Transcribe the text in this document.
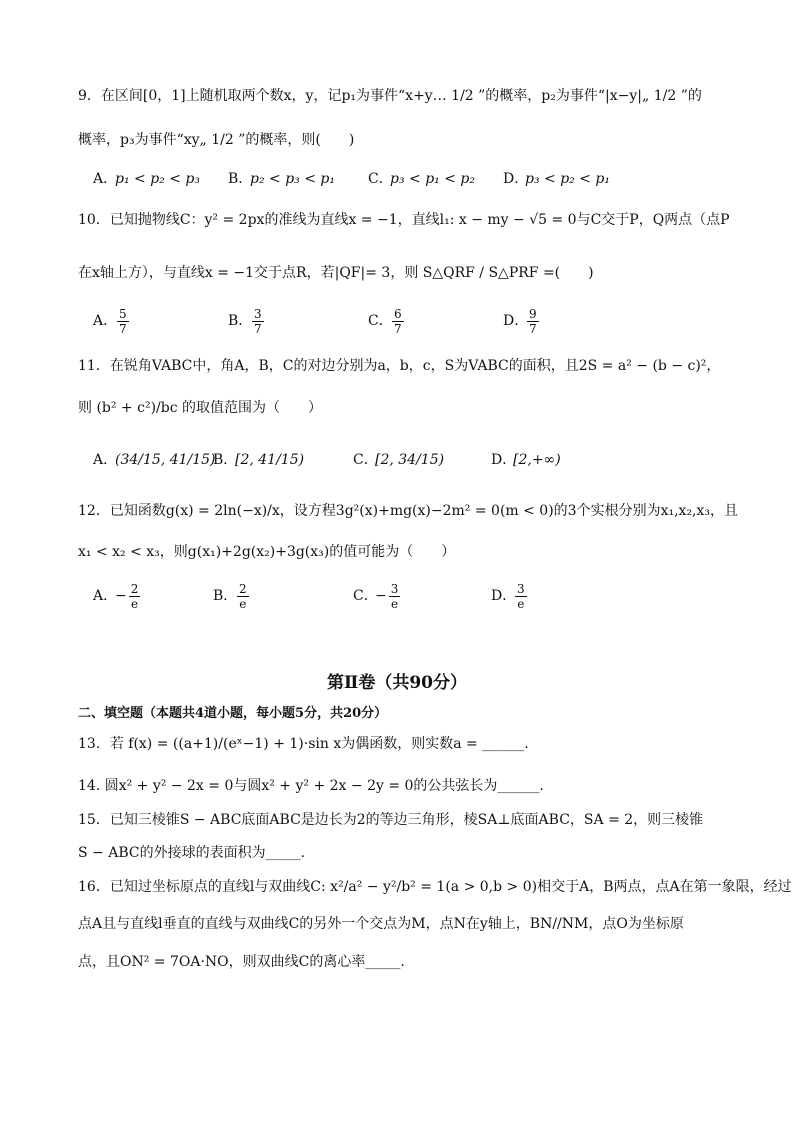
9．在区间[0，1]上随机取两个数x，y，记p₁为事件“x+y… 1/2 ”的概率，p₂为事件“|x−y|„ 1/2 ”的
概率，p₃为事件“xy„ 1/2 ”的概率，则(　　)
A．p₁ < p₂ < p₃ B．p₂ < p₃ < p₁ C．p₃ < p₁ < p₂ D．p₃ < p₂ < p₁
10．已知抛物线C：y² = 2px的准线为直线x = −1，直线l₁: x − my − √5 = 0与C交于P，Q两点（点P
在x轴上方），与直线x = −1交于点R，若|QF|= 3，则 S△QRF / S△PRF =(　　)
A． $\frac{5}{7}$	B． $\frac{3}{7}$	C． $\frac{6}{7}$	D．
$\frac{9}{7}$
11．在锐角VABC中，角A，B，C的对边分别为a，b，c，S为VABC的面积，且2S = a² − (b − c)²，
则 (b² + c²)/bc 的取值范围为（　　）
A．(34/15, 41/15)
B．[2, 41/15)	C．[2, 34/15)	D．[2,+∞)
12．已知函数g(x) = 2ln(−x)/x，设方程3g²(x)+mg(x)−2m² = 0(m < 0)的3个实根分别为x₁,x₂,x₃，且
x₁ < x₂ < x₃，则g(x₁)+2g(x₂)+3g(x₃)的值可能为（　　）
A．− $\frac{2}{e}$	B． $\frac{2}{e}$	C．− $\frac{3}{e}$	D．
$\frac{3}{e}$
第Ⅱ卷（共90分）
二、填空题（本题共4道小题，每小题5分，共20分）
13．若 f(x) = ((a+1)/(eˣ−1) + 1)·sin x为偶函数，则实数a = ______.
14. 圆x² + y² − 2x = 0与圆x² + y² + 2x − 2y = 0的公共弦长为______.
15．已知三棱锥S − ABC底面ABC是边长为2的等边三角形，棱SA⊥底面ABC，SA = 2，则三棱锥
S − ABC的外接球的表面积为_____.
16．已知过坐标原点的直线l与双曲线C: x²/a² − y²/b² = 1(a > 0,b > 0)相交于A，B两点，点A在第一象限，经过
点A且与直线l垂直的直线与双曲线C的另外一个交点为M，点N在y轴上，BN//NM，点O为坐标原
点，且ON² = 7OA·NO，则双曲线C的离心率_____.
